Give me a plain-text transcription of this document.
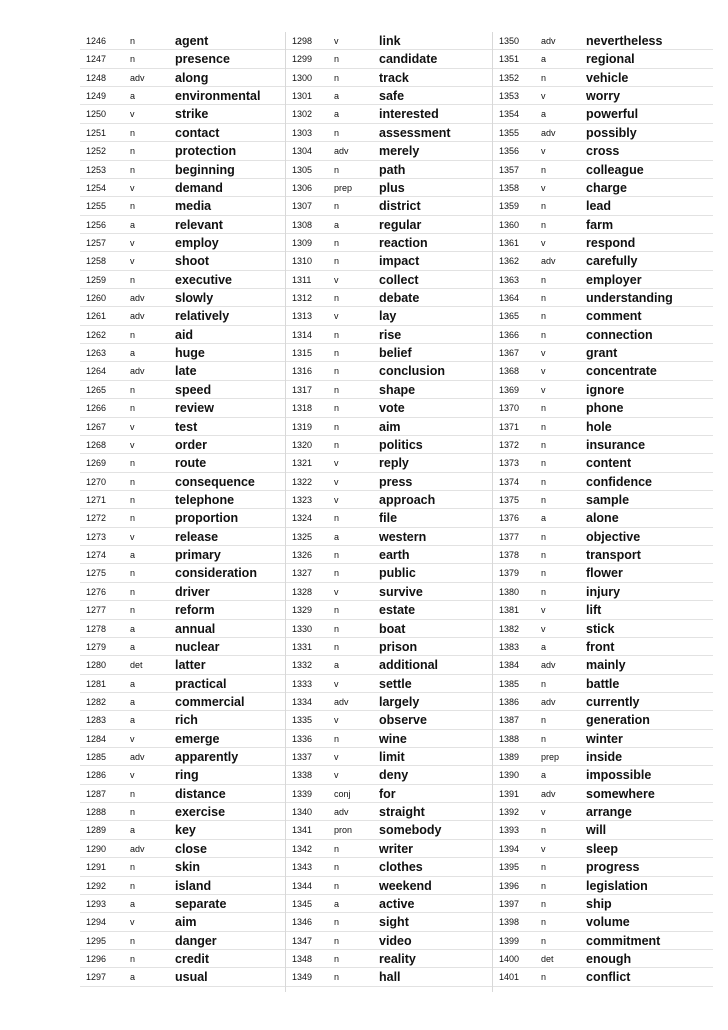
1246	n	agent
1247	n	presence
1248	adv along
1249	a	environmental
1250	v	strike
1251	n	contact
1252	n	protection
1253	n	beginning
1254	v	demand
1255	n	media
1256	a	relevant
1257	v	employ
1258	v	shoot
1259	n	executive
1260	adv slowly
1261	adv relatively
1262	n	aid
1263	a	huge
1264	adv late
1265	n	speed
1266	n	review
1267	v	test
1268	v	order
1269	n	route
1270	n	consequence
1271	n	telephone
1272	n	proportion
1273	v	release
1274	a	primary
1275	n	consideration
1276	n	driver
1277	n	reform
1278	a	annual
1279	a	nuclear
1280	det	latter
1281	a	practical
1282	a	commercial
1283	a	rich
1284	v	emerge
1285	adv apparently
1286	v	ring
1287	n	distance
1288	n	exercise
1289	a	key
1290	adv close
1291	n	skin
1292	n	island
1293	a	separate
1294	v	aim
1295	n	danger
1296	n	credit
1297	a	usual
1298 v	link
1299 n	candidate
1300 n	track
1301 a	safe
1302 a	interested
1303 n	assessment
1304 adv merely
1305 n	path
1306 prep plus
1307 n	district
1308 a	regular
1309 n	reaction
1310 n	impact
1311	v	collect
1312 n	debate
1313 v	lay
1314 n	rise
1315 n	belief
1316 n	conclusion
1317 n	shape
1318 n	vote
1319 n	aim
1320 n	politics
1321 v	reply
1322 v	press
1323 v	approach
1324 n	file
1325 a	western
1326 n	earth
1327 n	public
1328 v	survive
1329 n	estate
1330 n	boat
1331 n	prison
1332 a	additional
1333 v	settle
1334 adv largely
1335 v	observe
1336 n	wine
1337 v	limit
1338 v	deny
1339 conj for
1340 adv straight
1341 pron somebody
1342 n	writer
1343 n	clothes
1344 n	weekend
1345 a	active
1346 n	sight
1347 n	video
1348 n	reality
1349 n	hall
1350 adv nevertheless
1351 a	regional
1352 n	vehicle
1353 v	worry
1354 a	powerful
1355 adv possibly
1356 v	cross
1357 n	colleague
1358 v	charge
1359 n	lead
1360 n	farm
1361 v	respond
1362 adv carefully
1363 n	employer
1364 n	understanding
1365 n	comment
1366 n	connection
1367 v	grant
1368 v	concentrate
1369 v	ignore
1370 n	phone
1371 n	hole
1372 n	insurance
1373 n	content
1374 n	confidence
1375 n	sample
1376 a	alone
1377 n	objective
1378 n	transport
1379 n	flower
1380 n	injury
1381 v	lift
1382 v	stick
1383 a	front
1384 adv mainly
1385 n	battle
1386 adv currently
1387 n	generation
1388 n	winter
1389 prep inside
1390 a	impossible
1391 adv somewhere
1392 v	arrange
1393 n	will
1394 v	sleep
1395 n	progress
1396 n	legislation
1397 n	ship
1398 n	volume
1399 n	commitment
1400 det	enough
1401 n	conflict
